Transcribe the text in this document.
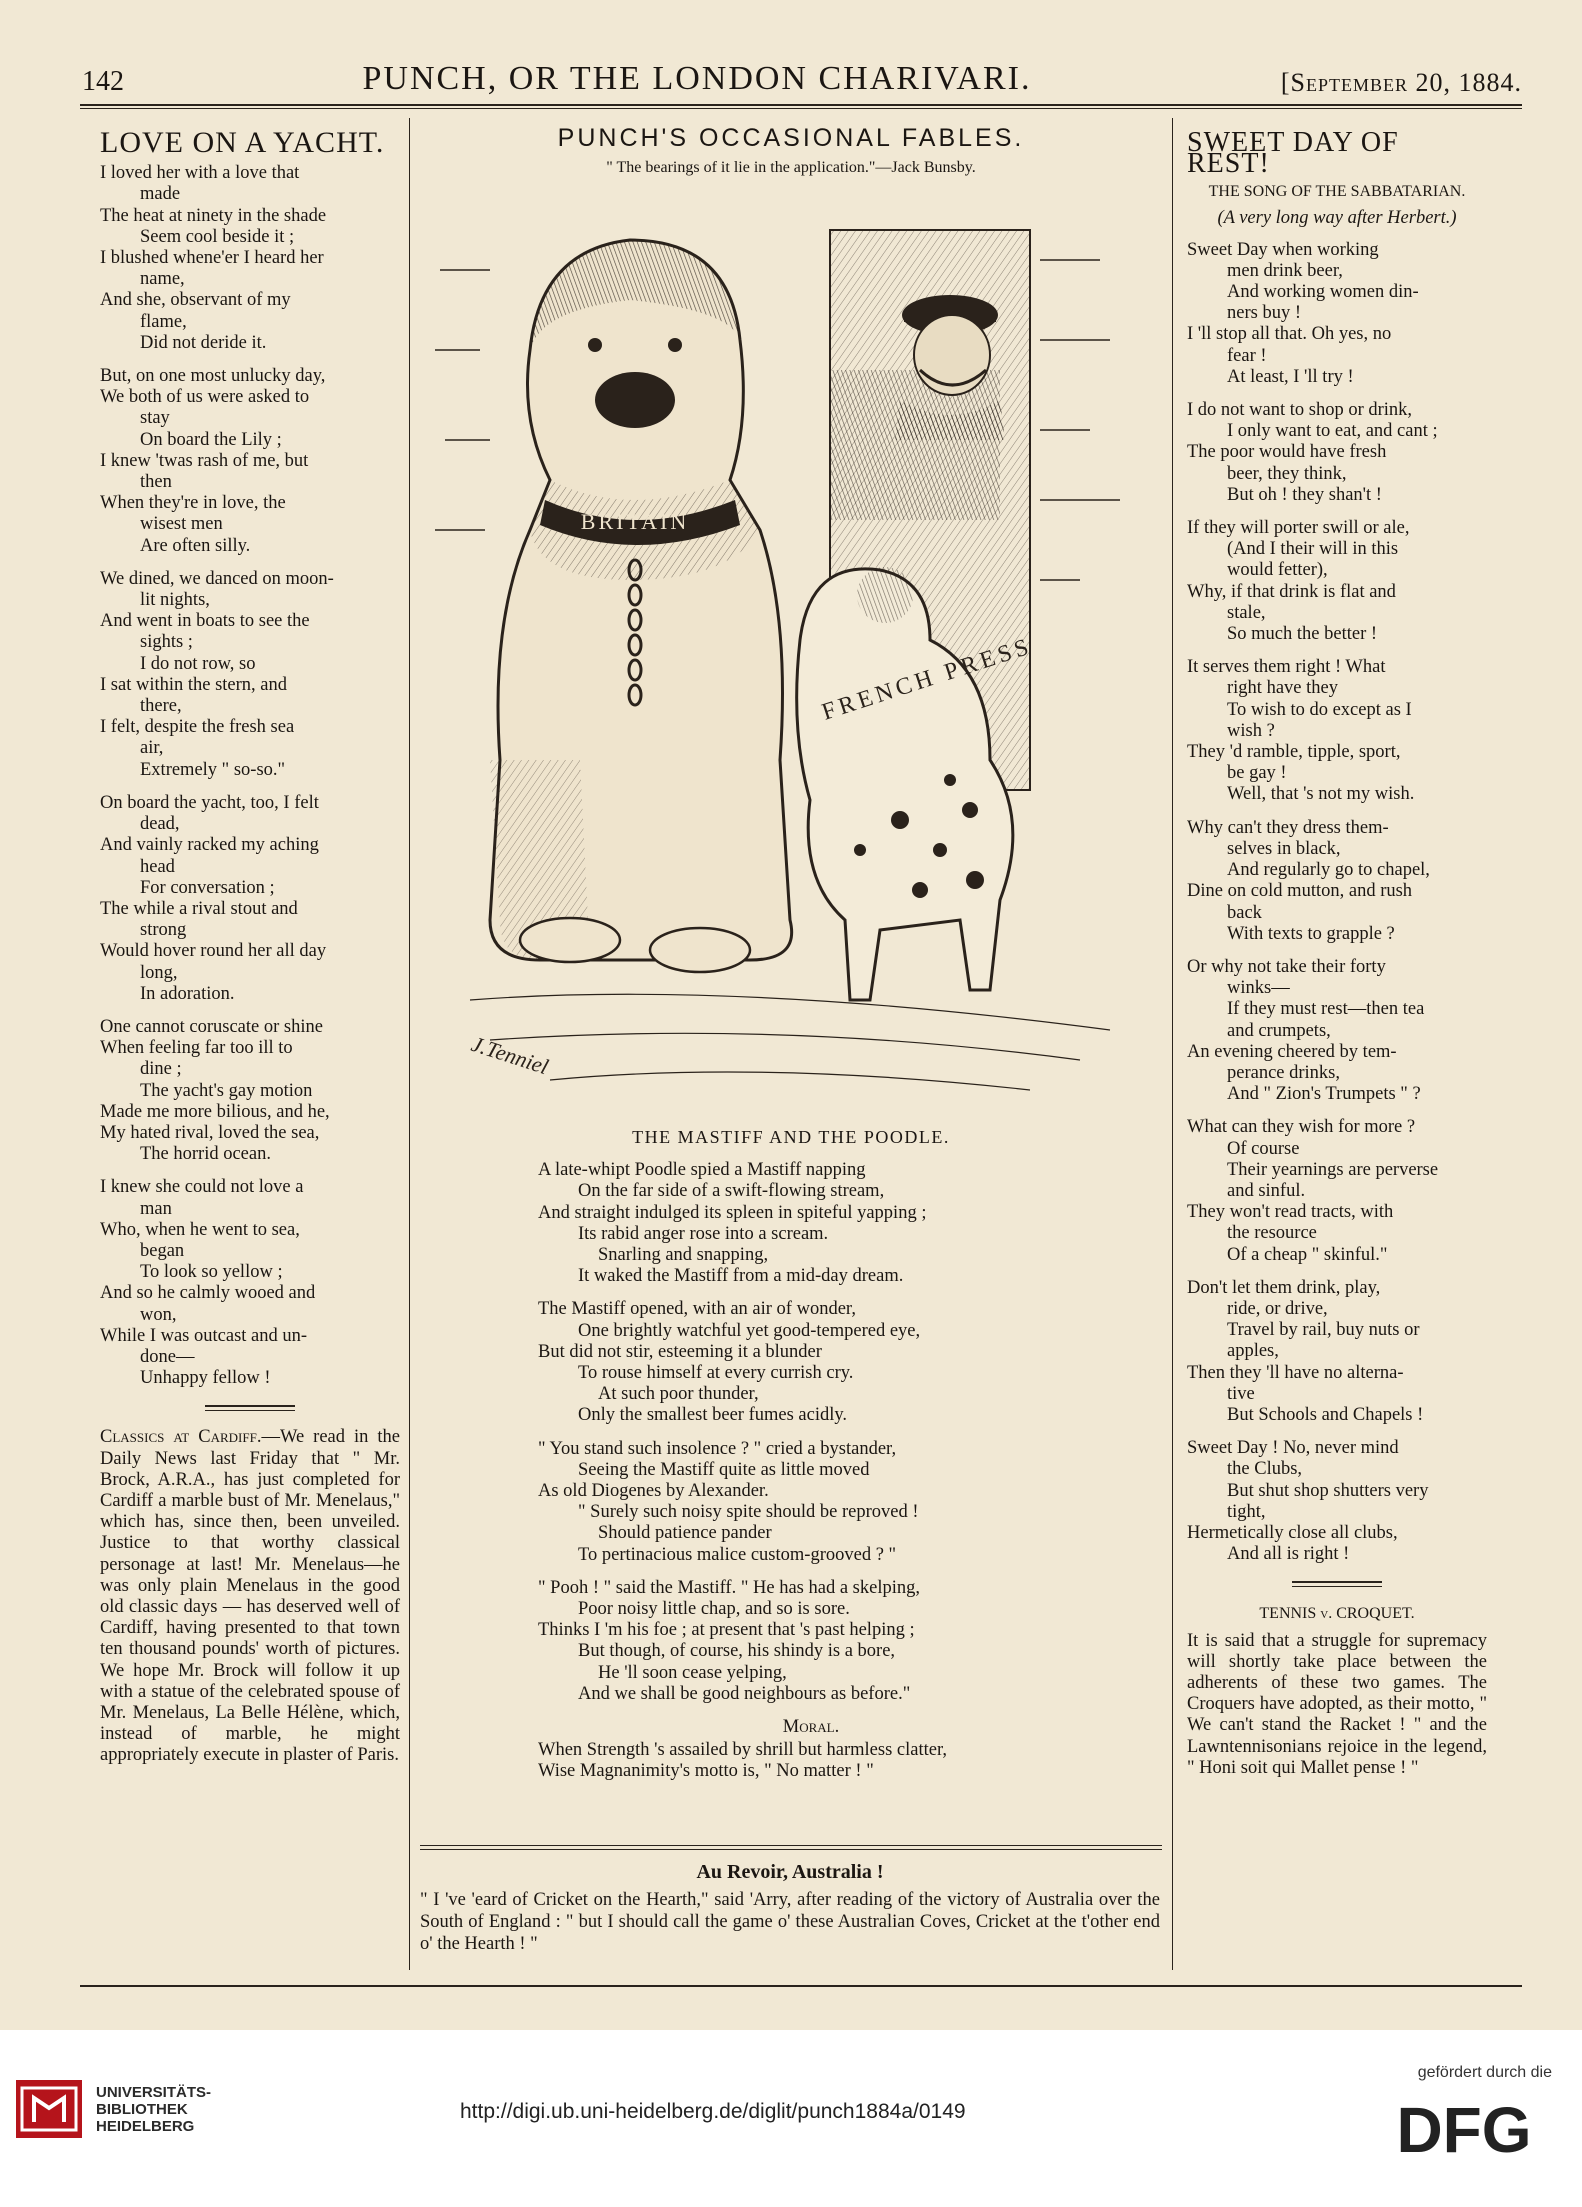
142	PUNCH, OR THE LONDON CHARIVARI.	[September 20, 1884.
LOVE ON A YACHT.

I loved her with a love that

made

The heat at ninety in the shade

Seem cool beside it ;

I blushed whene'er I heard her

name,

And she, observant of my

flame,

Did not deride it.

But, on one most unlucky day,

We both of us were asked to

stay

On board the Lily ;

I knew 'twas rash of me, but

then

When they're in love, the

wisest men

Are often silly.

We dined, we danced on moon-

lit nights,

And went in boats to see the

sights ;

I do not row, so

I sat within the stern, and

there,

I felt, despite the fresh sea

air,

Extremely " so-so."

On board the yacht, too, I felt

dead,

And vainly racked my aching

head

For conversation ;

The while a rival stout and

strong

Would hover round her all day

long,

In adoration.

One cannot coruscate or shine

When feeling far too ill to

dine ;

The yacht's gay motion

Made me more bilious, and he,

My hated rival, loved the sea,

The horrid ocean.

I knew she could not love a

man

Who, when he went to sea,

began

To look so yellow ;

And so he calmly wooed and

won,

While I was outcast and un-

done—

Unhappy fellow !

Classics at Cardiff.—We read in the Daily News last Friday that " Mr. Brock, A.R.A., has just completed for Cardiff a marble bust of Mr. Menelaus," which has, since then, been unveiled. Justice to that worthy classical personage at last! Mr. Menelaus—he was only plain Menelaus in the good old classic days — has deserved well of Cardiff, having presented to that town ten thousand pounds' worth of pictures. We hope Mr. Brock will follow it up with a statue of the celebrated spouse of Mr. Menelaus, La Belle Hélène, which, instead of marble, he might appropriately execute in plaster of Paris.

PUNCH'S OCCASIONAL FABLES.

" The bearings of it lie in the application."—Jack Bunsby.

BRITAIN
FRENCH PRESS
J.Tenniel

THE MASTIFF AND THE POODLE.

A late-whipt Poodle spied a Mastiff napping

On the far side of a swift-flowing stream,

And straight indulged its spleen in spiteful yapping ;

Its rabid anger rose into a scream.

Snarling and snapping,

It waked the Mastiff from a mid-day dream.

The Mastiff opened, with an air of wonder,

One brightly watchful yet good-tempered eye,

But did not stir, esteeming it a blunder

To rouse himself at every currish cry.

At such poor thunder,

Only the smallest beer fumes acidly.

" You stand such insolence ? " cried a bystander,

Seeing the Mastiff quite as little moved

As old Diogenes by Alexander.

" Surely such noisy spite should be reproved !

Should patience pander

To pertinacious malice custom-grooved ? "

" Pooh ! " said the Mastiff. " He has had a skelping,

Poor noisy little chap, and so is sore.

Thinks I 'm his foe ; at present that 's past helping ;

But though, of course, his shindy is a bore,

He 'll soon cease yelping,

And we shall be good neighbours as before."

Moral.

When Strength 's assailed by shrill but harmless clatter,

Wise Magnanimity's motto is, " No matter ! "

Au Revoir, Australia !

" I 've 'eard of Cricket on the Hearth," said 'Arry, after reading of the victory of Australia over the South of England : " but I should call the game o' these Australian Coves, Cricket at the t'other end o' the Hearth ! "

SWEET DAY OF REST!

THE SONG OF THE SABBATARIAN.

(A very long way after Herbert.)

Sweet Day when working

men drink beer,

And working women din-

ners buy !

I 'll stop all that. Oh yes, no

fear !

At least, I 'll try !

I do not want to shop or drink,

I only want to eat, and cant ;

The poor would have fresh

beer, they think,

But oh ! they shan't !

If they will porter swill or ale,

(And I their will in this

would fetter),

Why, if that drink is flat and

stale,

So much the better !

It serves them right ! What

right have they

To wish to do except as I

wish ?

They 'd ramble, tipple, sport,

be gay !

Well, that 's not my wish.

Why can't they dress them-

selves in black,

And regularly go to chapel,

Dine on cold mutton, and rush

back

With texts to grapple ?

Or why not take their forty

winks—

If they must rest—then tea

and crumpets,

An evening cheered by tem-

perance drinks,

And " Zion's Trumpets " ?

What can they wish for more ?

Of course

Their yearnings are perverse

and sinful.

They won't read tracts, with

the resource

Of a cheap " skinful."

Don't let them drink, play,

ride, or drive,

Travel by rail, buy nuts or

apples,

Then they 'll have no alterna-

tive

But Schools and Chapels !

Sweet Day ! No, never mind

the Clubs,

But shut shop shutters very

tight,

Hermetically close all clubs,

And all is right !

TENNIS v. CROQUET.

It is said that a struggle for supremacy will shortly take place between the adherents of these two games. The Croquers have adopted, as their motto, " We can't stand the Racket ! " and the Lawntennisonians rejoice in the legend, " Honi soit qui Mallet pense ! "

UNIVERSITÄTS-
BIBLIOTHEK
HEIDELBERG
http://digi.ub.uni-heidelberg.de/diglit/punch1884a/0149
gefördert durch die
DFG
